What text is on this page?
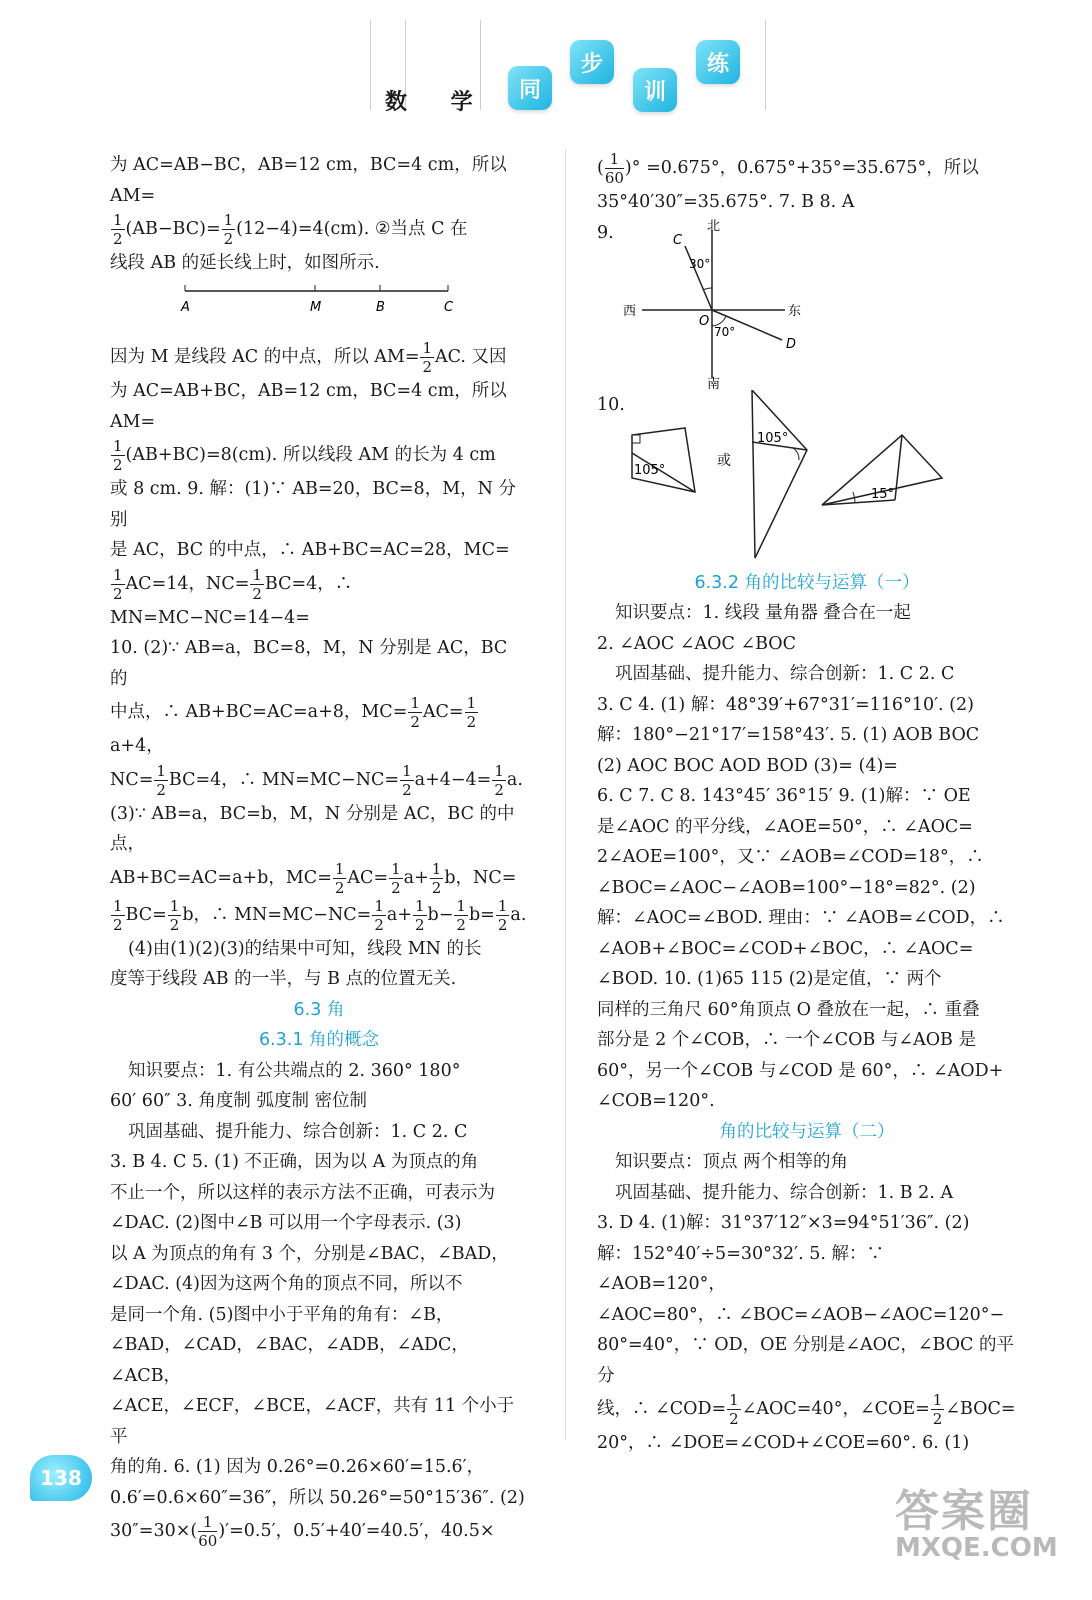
数 学	同
步
训
练

为 AC=AB−BC，AB=12 cm，BC=4 cm，所以 AM=

$\frac{1}{2} (AB-BC)= \frac{1}{2} (12-4)=4(cm)$. ②当点 C 在

线段 AB 的延长线上时，如图所示.

A	M	B	C

因为 M 是线段 AC 的中点，所以 $AM= \frac{1}{2}$ AC. 又因

为 AC=AB+BC，AB=12 cm，BC=4 cm，所以 AM=

$\frac{1}{2} (AB+BC)=8(cm)$. 所以线段 AM 的长为 4 cm

或 8 cm. 9. 解：(1)∵ AB=20，BC=8，M，N 分别

是 AC，BC 的中点，∴ AB+BC=AC=28，MC=

$\frac{1}{2} AC=14$，$NC= \frac{1}{2} BC=4$，∴ MN=MC−NC=14−4=

10. (2)∵ AB=a，BC=8，M，N 分别是 AC，BC 的

中点，∴ AB+BC=AC=a+8，$MC= \frac{1}{2} AC= \frac{1}{2}$
a+4，

$NC= \frac{1}{2} BC=4$，∴ $MN=MC-NC= \frac{1}{2} a+4-4= \frac{1}{2} a$.

(3)∵ AB=a，BC=b，M，N 分别是 AC，BC 的中点，

AB+BC=AC=a+b，$MC= \frac{1}{2} AC= \frac{1}{2} a+ \frac{1}{2}$ b，NC=

$\frac{1}{2} BC= \frac{1}{2}$ b，∴ $MN=MC-NC= \frac{1}{2} a+ \frac{1}{2} b- \frac{1}{2} b= \frac{1}{2} a$.

(4)由(1)(2)(3)的结果中可知，线段 MN 的长

度等于线段 AB 的一半，与 B 点的位置无关.

6.3 角

6.3.1 角的概念

知识要点：1. 有公共端点的 2. 360° 180°

60′ 60″ 3. 角度制 弧度制 密位制

巩固基础、提升能力、综合创新：1. C 2. C

3. B 4. C 5. (1) 不正确，因为以 A 为顶点的角

不止一个，所以这样的表示方法不正确，可表示为

∠DAC. (2)图中∠B 可以用一个字母表示. (3)

以 A 为顶点的角有 3 个，分别是∠BAC，∠BAD，

∠DAC. (4)因为这两个角的顶点不同，所以不

是同一个角. (5)图中小于平角的角有：∠B，

∠BAD，∠CAD，∠BAC，∠ADB，∠ADC，∠ACB，

∠ACE，∠ECF，∠BCE，∠ACF，共有 11 个小于平

角的角. 6. (1) 因为 0.26°=0.26×60′=15.6′，

0.6′=0.6×60″=36″，所以 50.26°=50°15′36″. (2)

$30''=30\times( \frac{1}{60} )'=0.5'$，0.5′+40′=40.5′，40.5×

( $\frac{1}{60}$ )° =0.675°，0.675°+35°=35.675°，所以

35°40′30″=35.675°. 7. B 8. A

9.	北
南
西	东
O
C
D
30°
70°
10.
105°
或
105°
15°

6.3.2 角的比较与运算（一）

知识要点：1. 线段 量角器 叠合在一起

2. ∠AOC ∠AOC ∠BOC

巩固基础、提升能力、综合创新：1. C 2. C

3. C 4. (1) 解：48°39′+67°31′=116°10′. (2)

解：180°−21°17′=158°43′. 5. (1) AOB BOC

(2) AOC BOC AOD BOD (3)= (4)=

6. C 7. C 8. 143°45′ 36°15′ 9. (1)解：∵ OE

是∠AOC 的平分线，∠AOE=50°，∴ ∠AOC=

2∠AOE=100°，又∵ ∠AOB=∠COD=18°，∴

∠BOC=∠AOC−∠AOB=100°−18°=82°. (2)

解：∠AOC=∠BOD. 理由：∵ ∠AOB=∠COD，∴

∠AOB+∠BOC=∠COD+∠BOC，∴ ∠AOC=

∠BOD. 10. (1)65 115 (2)是定值，∵ 两个

同样的三角尺 60°角顶点 O 叠放在一起，∴ 重叠

部分是 2 个∠COB，∴ 一个∠COB 与∠AOB 是

60°，另一个∠COB 与∠COD 是 60°，∴ ∠AOD+

∠COB=120°.

角的比较与运算（二）

知识要点：顶点 两个相等的角

巩固基础、提升能力、综合创新：1. B 2. A

3. D 4. (1)解：31°37′12″×3=94°51′36″. (2)

解：152°40′÷5=30°32′. 5. 解：∵ ∠AOB=120°，

∠AOC=80°，∴ ∠BOC=∠AOB−∠AOC=120°−

80°=40°，∵ OD，OE 分别是∠AOC，∠BOC 的平分

线，∴ ∠COD= $\frac{1}{2}$ ∠AOC=40°，∠COE= $\frac{1}{2}$ ∠BOC=

20°，∴ ∠DOE=∠COD+∠COE=60°. 6. (1)

138
答案圈
MXQE.COM
